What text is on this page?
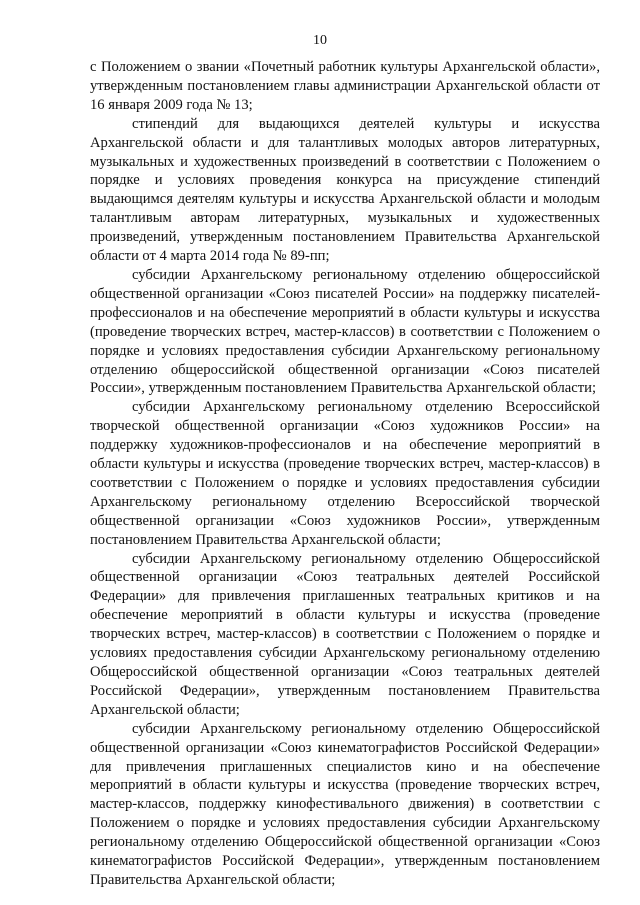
10

с Положением о звании «Почетный работник культуры Архангельской области», утвержденным постановлением главы администрации Архангельской области от 16 января 2009 года № 13;

стипендий для выдающихся деятелей культуры и искусства Архангельской области и для талантливых молодых авторов литературных, музыкальных и художественных произведений в соответствии с Положением о порядке и условиях проведения конкурса на присуждение стипендий выдающимся деятелям культуры и искусства Архангельской области и молодым талантливым авторам литературных, музыкальных и художественных произведений, утвержденным постановлением Правительства Архангельской области от 4 марта 2014 года № 89-пп;

субсидии Архангельскому региональному отделению общероссийской общественной организации «Союз писателей России» на поддержку писателей-профессионалов и на обеспечение мероприятий в области культуры и искусства (проведение творческих встреч, мастер-классов) в соответствии с Положением о порядке и условиях предоставления субсидии Архангельскому региональному отделению общероссийской общественной организации «Союз писателей России», утвержденным постановлением Правительства Архангельской области;

субсидии Архангельскому региональному отделению Всероссийской творческой общественной организации «Союз художников России» на поддержку художников-профессионалов и на обеспечение мероприятий в области культуры и искусства (проведение творческих встреч, мастер-классов) в соответствии с Положением о порядке и условиях предоставления субсидии Архангельскому региональному отделению Всероссийской творческой общественной организации «Союз художников России», утвержденным постановлением Правительства Архангельской области;

субсидии Архангельскому региональному отделению Общероссийской общественной организации «Союз театральных деятелей Российской Федерации» для привлечения приглашенных театральных критиков и на обеспечение мероприятий в области культуры и искусства (проведение творческих встреч, мастер-классов) в соответствии с Положением о порядке и условиях предоставления субсидии Архангельскому региональному отделению Общероссийской общественной организации «Союз театральных деятелей Российской Федерации», утвержденным постановлением Правительства Архангельской области;

субсидии Архангельскому региональному отделению Общероссийской общественной организации «Союз кинематографистов Российской Федерации» для привлечения приглашенных специалистов кино и на обеспечение мероприятий в области культуры и искусства (проведение творческих встреч, мастер-классов, поддержку кинофестивального движения) в соответствии с Положением о порядке и условиях предоставления субсидии Архангельскому региональному отделению Общероссийской общественной организации «Союз кинематографистов Российской Федерации», утвержденным постановлением Правительства Архангельской области;
